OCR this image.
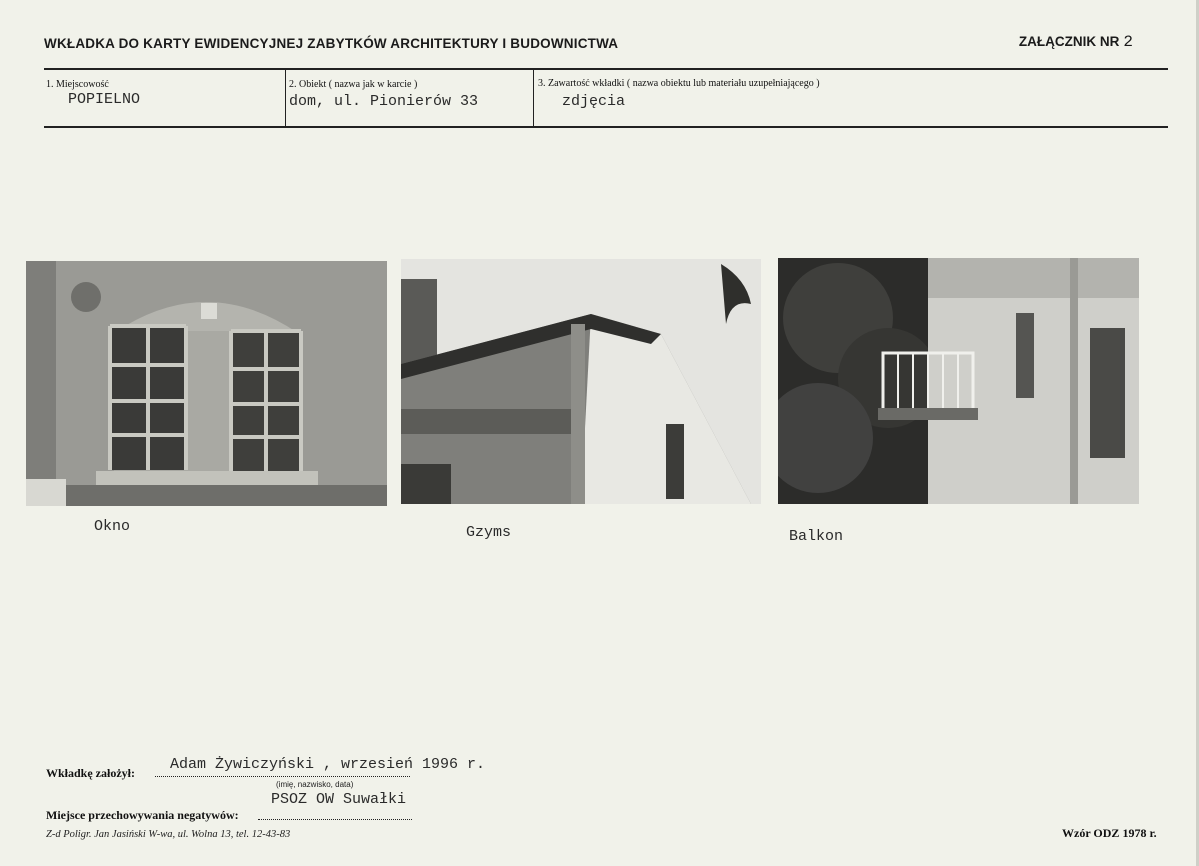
WKŁADKA DO KARTY EWIDENCYJNEJ ZABYTKÓW ARCHITEKTURY I BUDOWNICTWA	ZAŁĄCZNIK NR 2
1. Miejscowość
POPIELNO
2. Obiekt ( nazwa jak w karcie )
dom, ul. Pionierów 33
3. Zawartość wkładki ( nazwa obiektu lub materiału uzupełniającego )
zdjęcia
Okno	Gzyms	Balkon
Wkładkę założył: Adam Żywiczyński , wrzesień 1996 r.
(imię, nazwisko, data)
PSOZ OW Suwałki
Miejsce przechowywania negatywów:
Z-d Poligr. Jan Jasiński W-wa, ul. Wolna 13, tel. 12-43-83	Wzór ODZ 1978 r.
